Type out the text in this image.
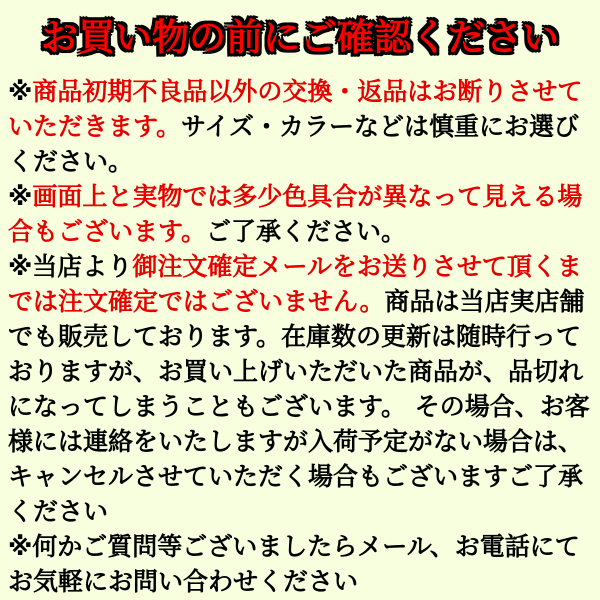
お買い物の前にご確認ください

※商品初期不良品以外の交換・返品はお断りさせていただきます。サイズ・カラーなどは慎重にお選びください。

※画面上と実物では多少色具合が異なって見える場合もございます。ご了承ください。

※当店より御注文確定メールをお送りさせて頂くまでは注文確定ではございません。商品は当店実店舗でも販売しております。在庫数の更新は随時行っておりますが、お買い上げいただいた商品が、品切れになってしまうこともございます。 その場合、お客様には連絡をいたしますが入荷予定がない場合は、キャンセルさせていただく場合もございますご了承ください

※何かご質問等ございましたらメール、お電話にてお気軽にお問い合わせください
